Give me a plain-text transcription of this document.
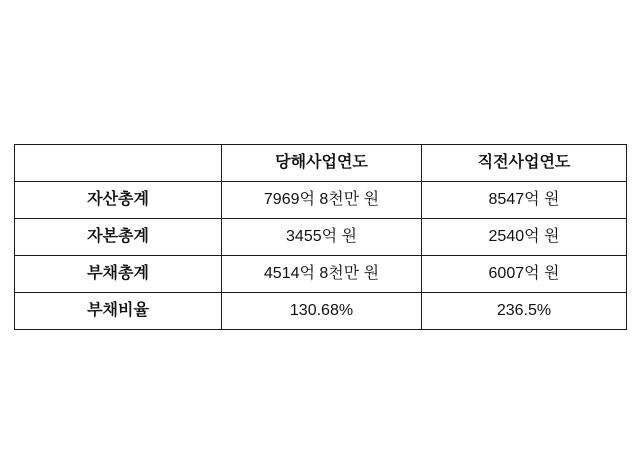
	당해사업연도	직전사업연도
자산총계	7969억 8천만 원	8547억 원
자본총계	3455억 원	2540억 원
부채총계	4514억 8천만 원	6007억 원
부채비율	130.68%	236.5%
